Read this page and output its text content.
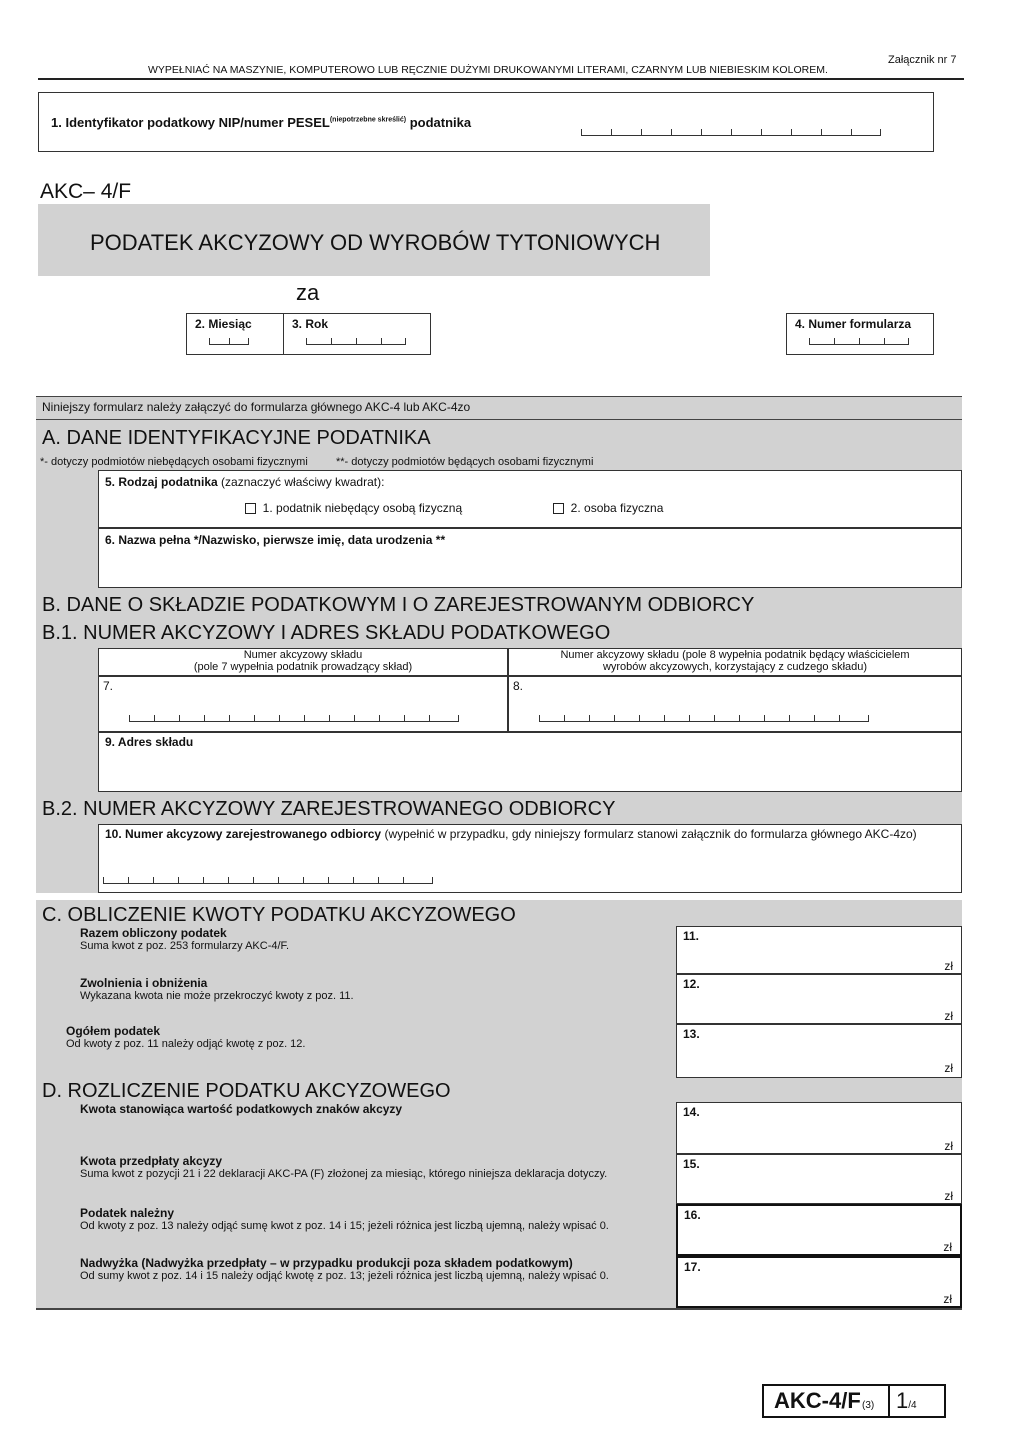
WYPEŁNIAĆ NA MASZYNIE, KOMPUTEROWO LUB RĘCZNIE DUŻYMI DRUKOWANYMI LITERAMI, CZARNYM LUB NIEBIESKIM KOLOREM.
Załącznik nr 7
1. Identyfikator podatkowy NIP/numer $PESEL^{(niepotrzebne skreślić)}$ podatnika
AKC– 4/F
PODATEK AKCYZOWY OD WYROBÓW TYTONIOWYCH
za
2. Miesiąc	3. Rok	4. Numer formularza
Niniejszy formularz należy załączyć do formularza głównego AKC-4 lub AKC-4zo
A. DANE IDENTYFIKACYJNE PODATNIKA
*- dotyczy podmiotów niebędących osobami fizycznymi	**- dotyczy podmiotów będących osobami fizycznymi
5. Rodzaj podatnika (zaznaczyć właściwy kwadrat):
1. podatnik niebędący osobą fizyczną	2. osoba fizyczna
6. Nazwa pełna */Nazwisko, pierwsze imię, data urodzenia **
B. DANE O SKŁADZIE PODATKOWYM I O ZAREJESTROWANYM ODBIORCY
B.1. NUMER AKCYZOWY I ADRES SKŁADU PODATKOWEGO
Numer akcyzowy składu
(pole 7 wypełnia podatnik prowadzący skład)
Numer akcyzowy składu (pole 8 wypełnia podatnik będący właścicielem
wyrobów akcyzowych, korzystający z cudzego składu)
7.	8.
9. Adres składu
B.2. NUMER AKCYZOWY ZAREJESTROWANEGO ODBIORCY
10. Numer akcyzowy zarejestrowanego odbiorcy (wypełnić w przypadku, gdy niniejszy formularz stanowi załącznik do formularza głównego AKC-4zo)
C. OBLICZENIE KWOTY PODATKU AKCYZOWEGO
Razem obliczony podatek
Suma kwot z poz. 253 formularzy AKC-4/F.
11.
zł
Zwolnienia i obniżenia
Wykazana kwota nie może przekroczyć kwoty z poz. 11.
12.
zł
Ogółem podatek
Od kwoty z poz. 11 należy odjąć kwotę z poz. 12.
13.
zł
D. ROZLICZENIE PODATKU AKCYZOWEGO
Kwota stanowiąca wartość podatkowych znaków akcyzy	14.
zł
Kwota przedpłaty akcyzy
Suma kwot z pozycji 21 i 22 deklaracji AKC-PA (F) złożonej za miesiąc, którego niniejsza deklaracja dotyczy.
15.
zł
Podatek należny
Od kwoty z poz. 13 należy odjąć sumę kwot z poz. 14 i 15; jeżeli różnica jest liczbą ujemną, należy wpisać 0.
16.
zł
Nadwyżka (Nadwyżka przedpłaty – w przypadku produkcji poza składem podatkowym)
Od sumy kwot z poz. 14 i 15 należy odjąć kwotę z poz. 13; jeżeli różnica jest liczbą ujemną, należy wpisać 0.
17.
zł
AKC-4/F (3) 1/4
